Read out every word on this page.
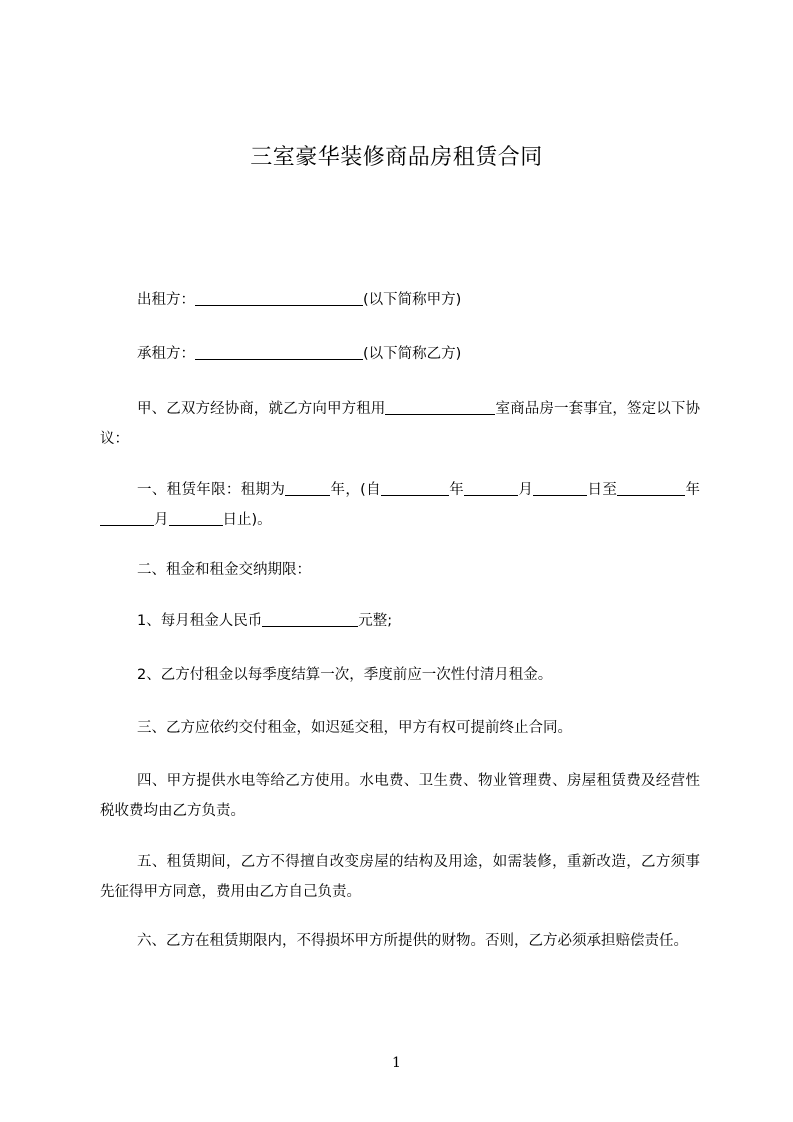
三室豪华装修商品房租赁合同
出租方：	(以下简称甲方)
承租方：	(以下简称乙方)
甲、乙双方经协商，就乙方向甲方租用	室商品房一套事宜，签定以下协议：
一、租赁年限：租期为	年，(自	年	月	日至	年月	日止)。
二、租金和租金交纳期限：
1、每月租金人民币	元整;
2、乙方付租金以每季度结算一次，季度前应一次性付清月租金。
三、乙方应依约交付租金，如迟延交租，甲方有权可提前终止合同。
四、甲方提供水电等给乙方使用。水电费、卫生费、物业管理费、房屋租赁费及经营性税收费均由乙方负责。
五、租赁期间，乙方不得擅自改变房屋的结构及用途，如需装修，重新改造，乙方须事先征得甲方同意，费用由乙方自己负责。
六、乙方在租赁期限内，不得损坏甲方所提供的财物。否则，乙方必须承担赔偿责任。
1
